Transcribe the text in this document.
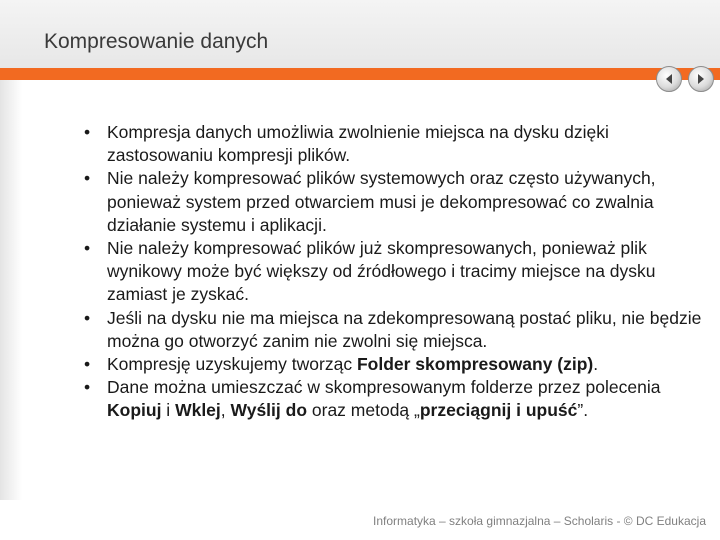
Kompresowanie danych
• Kompresja danych umożliwia zwolnienie miejsca na dysku dzięki zastosowaniu kompresji plików.
• Nie należy kompresować plików systemowych oraz często używanych, ponieważ system przed otwarciem musi je dekompresować co zwalnia działanie systemu i aplikacji.
• Nie należy kompresować plików już skompresowanych, ponieważ plik wynikowy może być większy od źródłowego i tracimy miejsce na dysku zamiast je zyskać.
• Jeśli na dysku nie ma miejsca na zdekompresowaną postać pliku, nie będzie można go otworzyć zanim nie zwolni się miejsca.
• Kompresję uzyskujemy tworząc Folder skompresowany (zip).
• Dane można umieszczać w skompresowanym folderze przez polecenia Kopiuj i Wklej, Wyślij do oraz metodą „przeciągnij i upuść”.
Informatyka – szkoła gimnazjalna – Scholaris - © DC Edukacja
